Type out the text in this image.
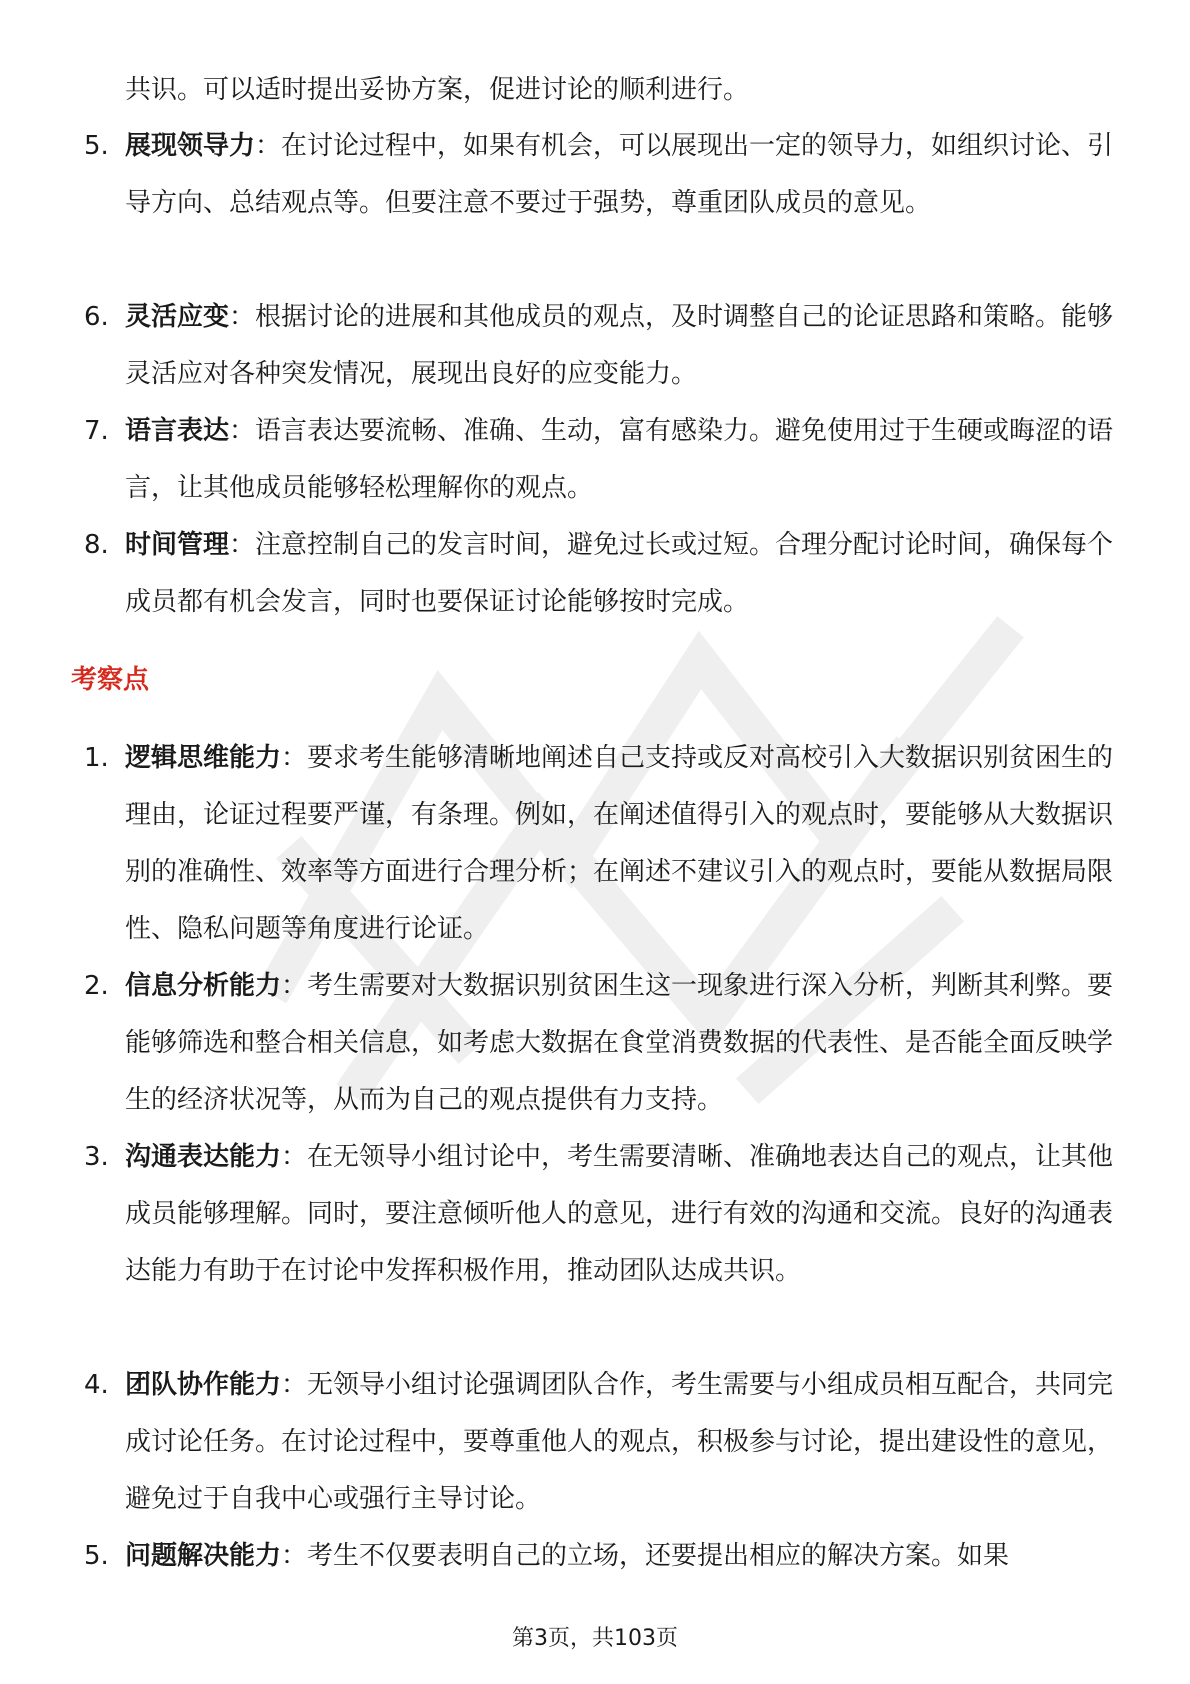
共识。可以适时提出妥协方案，促进讨论的顺利进行。
5. 展现领导力：在讨论过程中，如果有机会，可以展现出一定的领导力，如组织讨论、引导方向、总结观点等。但要注意不要过于强势，尊重团队成员的意见。
6. 灵活应变：根据讨论的进展和其他成员的观点，及时调整自己的论证思路和策略。能够灵活应对各种突发情况，展现出良好的应变能力。
7. 语言表达：语言表达要流畅、准确、生动，富有感染力。避免使用过于生硬或晦涩的语言，让其他成员能够轻松理解你的观点。
8. 时间管理：注意控制自己的发言时间，避免过长或过短。合理分配讨论时间，确保每个成员都有机会发言，同时也要保证讨论能够按时完成。
考察点
1. 逻辑思维能力：要求考生能够清晰地阐述自己支持或反对高校引入大数据识别贫困生的理由，论证过程要严谨，有条理。例如，在阐述值得引入的观点时，要能够从大数据识别的准确性、效率等方面进行合理分析；在阐述不建议引入的观点时，要能从数据局限性、隐私问题等角度进行论证。
2. 信息分析能力：考生需要对大数据识别贫困生这一现象进行深入分析，判断其利弊。要能够筛选和整合相关信息，如考虑大数据在食堂消费数据的代表性、是否能全面反映学生的经济状况等，从而为自己的观点提供有力支持。
3. 沟通表达能力：在无领导小组讨论中，考生需要清晰、准确地表达自己的观点，让其他成员能够理解。同时，要注意倾听他人的意见，进行有效的沟通和交流。良好的沟通表达能力有助于在讨论中发挥积极作用，推动团队达成共识。
4. 团队协作能力：无领导小组讨论强调团队合作，考生需要与小组成员相互配合，共同完成讨论任务。在讨论过程中，要尊重他人的观点，积极参与讨论，提出建设性的意见，避免过于自我中心或强行主导讨论。
5. 问题解决能力：考生不仅要表明自己的立场，还要提出相应的解决方案。如果
第3页，共103页
